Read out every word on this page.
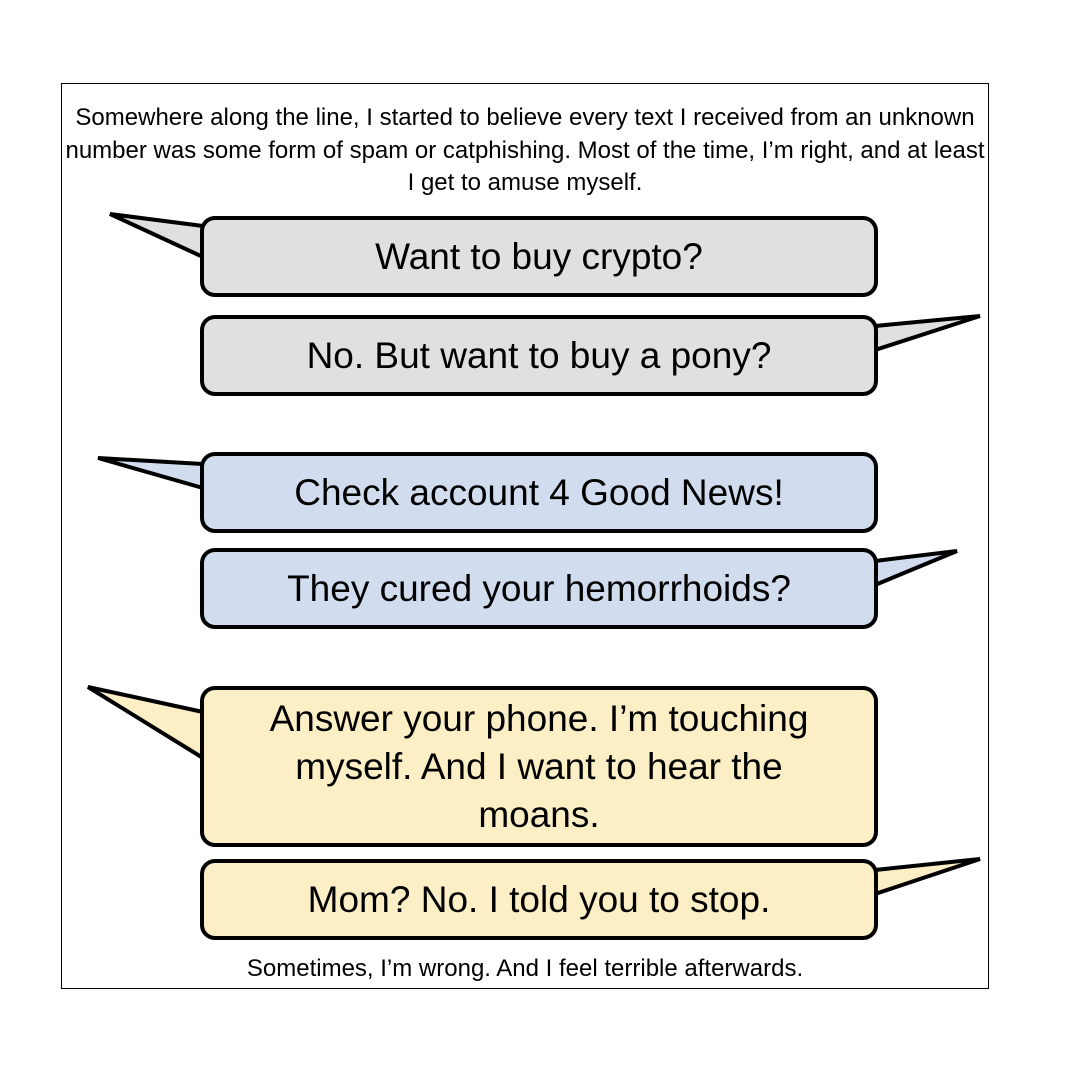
Somewhere along the line, I started to believe every text I received from an unknown number was some form of spam or catphishing. Most of the time, I’m right, and at least I get to amuse myself.
Want to buy crypto?
No. But want to buy a pony?
Check account 4 Good News!
They cured your hemorrhoids?
Answer your phone. I’m touching myself. And I want to hear the moans.
Mom? No. I told you to stop.
Sometimes, I’m wrong. And I feel terrible afterwards.
